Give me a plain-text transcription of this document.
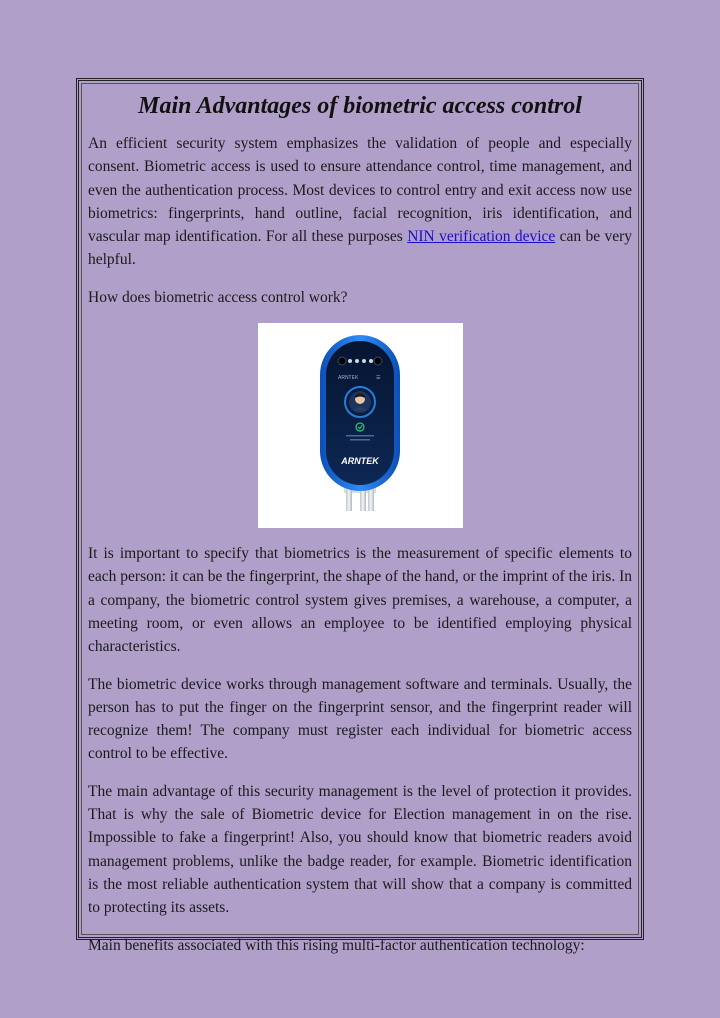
Main Advantages of biometric access control

An efficient security system emphasizes the validation of people and especially consent. Biometric access is used to ensure attendance control, time management, and even the authentication process. Most devices to control entry and exit access now use biometrics: fingerprints, hand outline, facial recognition, iris identification, and vascular map identification. For all these purposes NIN verification device can be very helpful.

How does biometric access control work?

ARNTEK	☰
ARNTEK

It is important to specify that biometrics is the measurement of specific elements to each person: it can be the fingerprint, the shape of the hand, or the imprint of the iris. In a company, the biometric control system gives premises, a warehouse, a computer, a meeting room, or even allows an employee to be identified employing physical characteristics.

The biometric device works through management software and terminals. Usually, the person has to put the finger on the fingerprint sensor, and the fingerprint reader will recognize them! The company must register each individual for biometric access control to be effective.

The main advantage of this security management is the level of protection it provides. That is why the sale of Biometric device for Election management in on the rise. Impossible to fake a fingerprint! Also, you should know that biometric readers avoid management problems, unlike the badge reader, for example. Biometric identification is the most reliable authentication system that will show that a company is committed to protecting its assets.

Main benefits associated with this rising multi-factor authentication technology:
